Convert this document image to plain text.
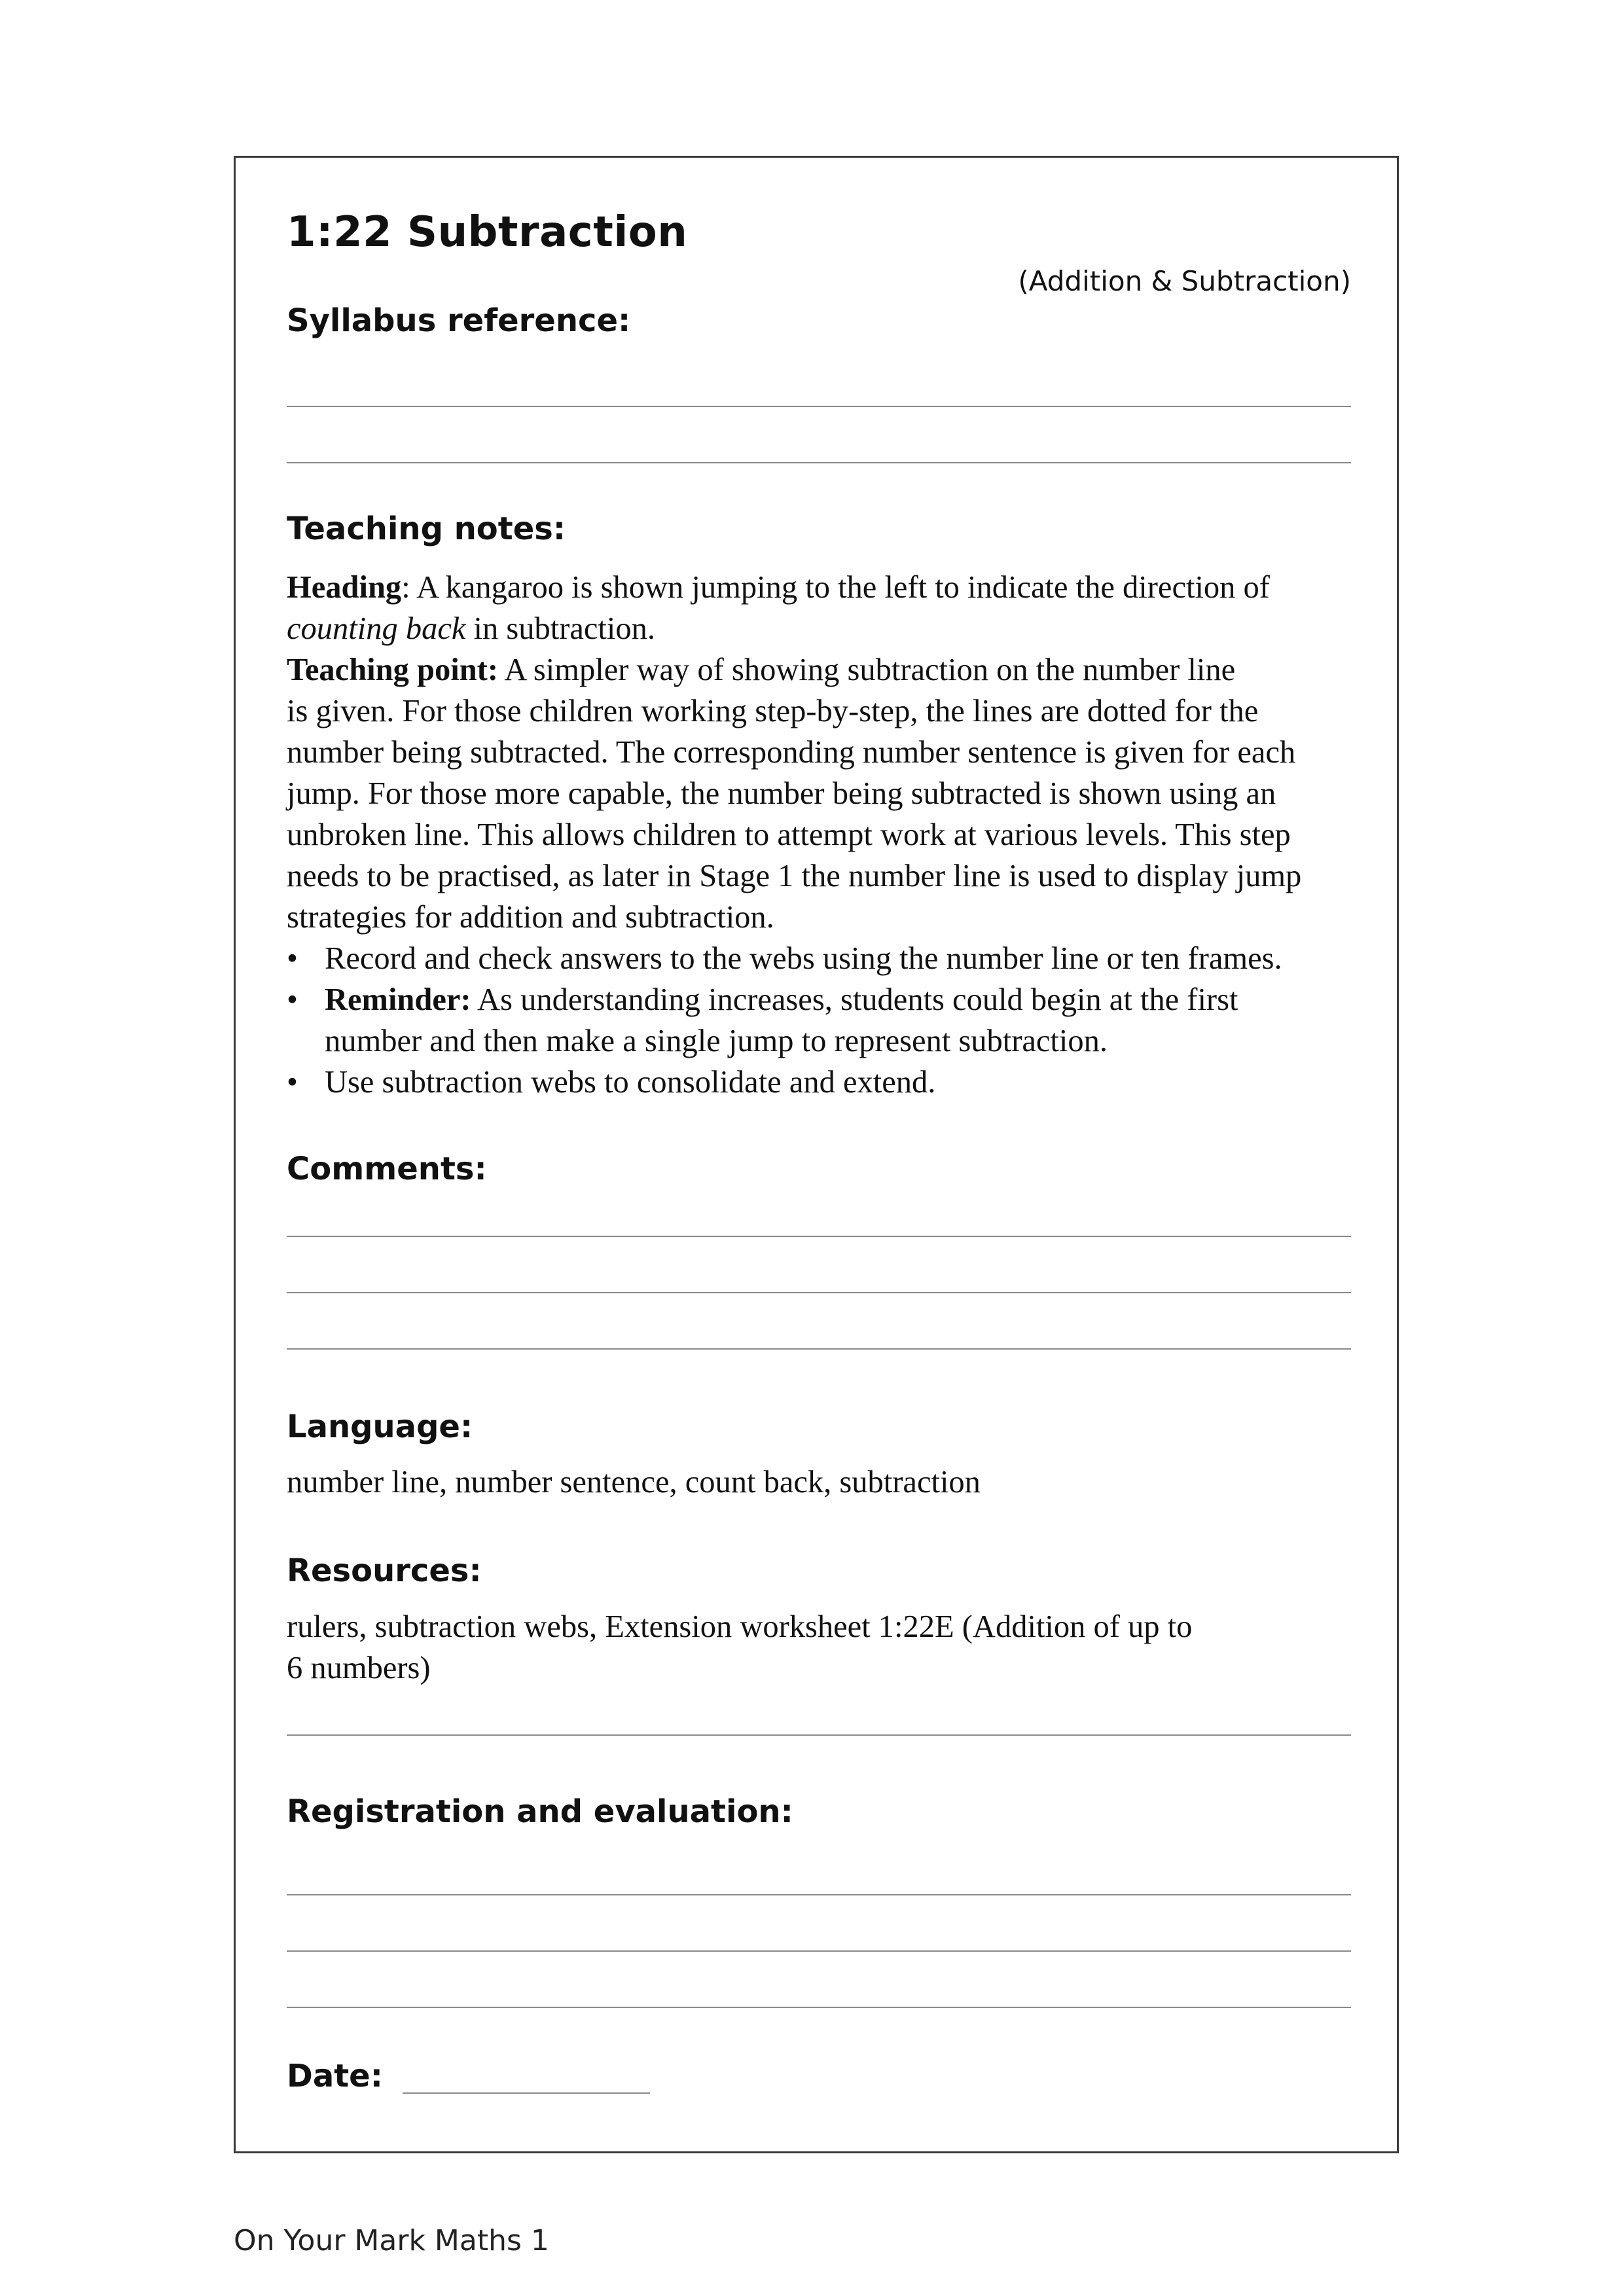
1:22 Subtraction
(Addition & Subtraction)
Syllabus reference:
Teaching notes:

Heading: A kangaroo is shown jumping to the left to indicate the direction of

counting back in subtraction.

Teaching point: A simpler way of showing subtraction on the number line

is given. For those children working step-by-step, the lines are dotted for the

number being subtracted. The corresponding number sentence is given for each

jump. For those more capable, the number being subtracted is shown using an

unbroken line. This allows children to attempt work at various levels. This step

needs to be practised, as later in Stage 1 the number line is used to display jump

strategies for addition and subtraction.

• Record and check answers to the webs using the number line or ten frames.
• Reminder: As understanding increases, students could begin at the first
number and then make a single jump to represent subtraction.
• Use subtraction webs to consolidate and extend.
Comments:
Language:
number line, number sentence, count back, subtraction
Resources:
rulers, subtraction webs, Extension worksheet 1:22E (Addition of up to
6 numbers)
Registration and evaluation:
Date:
On Your Mark Maths 1
